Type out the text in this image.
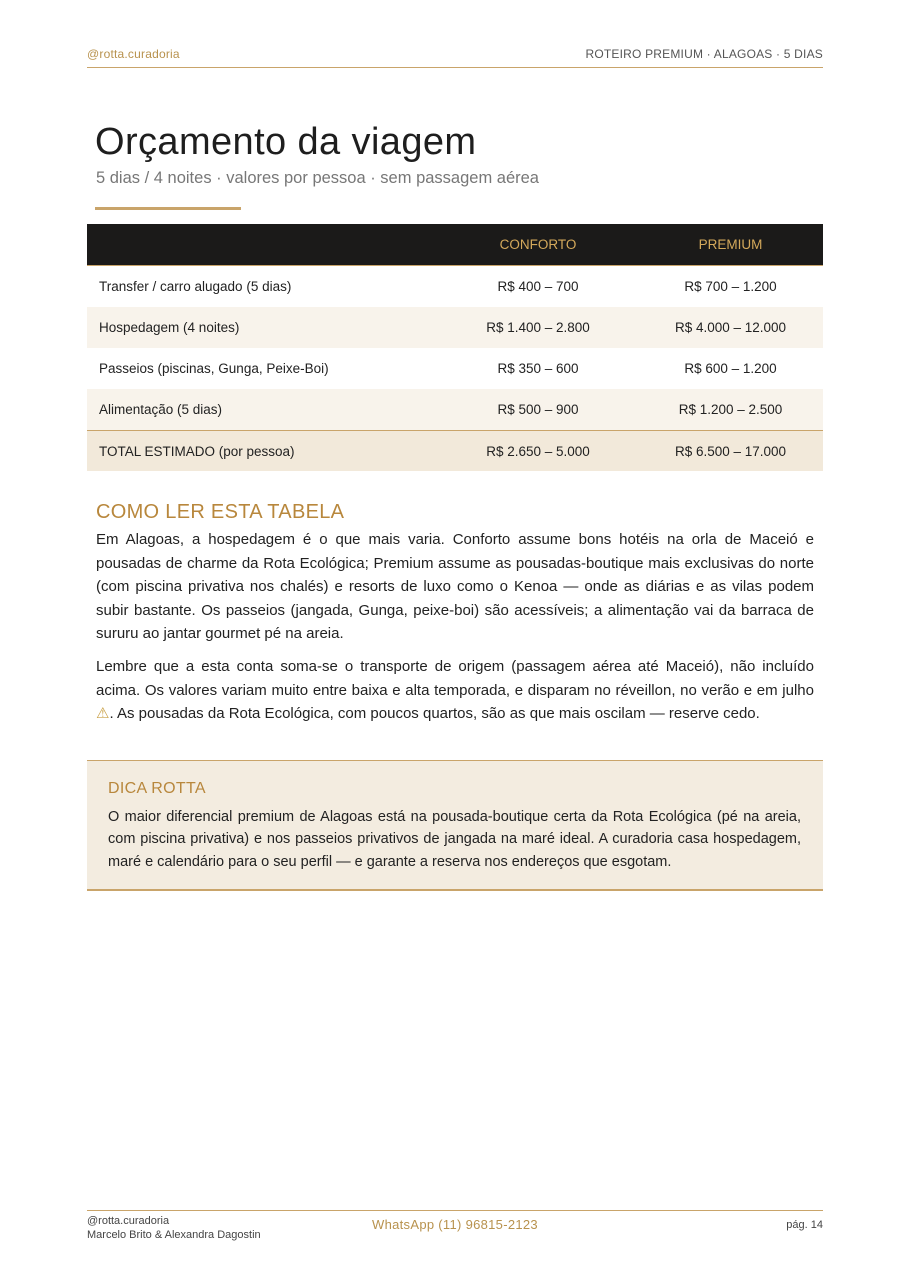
@rotta.curadoria	ROTEIRO PREMIUM · ALAGOAS · 5 DIAS
Orçamento da viagem
5 dias / 4 noites · valores por pessoa · sem passagem aérea
	CONFORTO	PREMIUM
Transfer / carro alugado (5 dias)	R$ 400 – 700	R$ 700 – 1.200
Hospedagem (4 noites)	R$ 1.400 – 2.800	R$ 4.000 – 12.000
Passeios (piscinas, Gunga, Peixe-Boi)	R$ 350 – 600	R$ 600 – 1.200
Alimentação (5 dias)	R$ 500 – 900	R$ 1.200 – 2.500
TOTAL ESTIMADO (por pessoa)	R$ 2.650 – 5.000	R$ 6.500 – 17.000
COMO LER ESTA TABELA

Em Alagoas, a hospedagem é o que mais varia. Conforto assume bons hotéis na orla de Maceió e pousadas de charme da Rota Ecológica; Premium assume as pousadas-boutique mais exclusivas do norte (com piscina privativa nos chalés) e resorts de luxo como o Kenoa — onde as diárias e as vilas podem subir bastante. Os passeios (jangada, Gunga, peixe-boi) são acessíveis; a alimentação vai da barraca de sururu ao jantar gourmet pé na areia.

Lembre que a esta conta soma-se o transporte de origem (passagem aérea até Maceió), não incluído acima. Os valores variam muito entre baixa e alta temporada, e disparam no réveillon, no verão e em julho ⚠. As pousadas da Rota Ecológica, com poucos quartos, são as que mais oscilam — reserve cedo.

DICA ROTTA

O maior diferencial premium de Alagoas está na pousada-boutique certa da Rota Ecológica (pé na areia, com piscina privativa) e nos passeios privativos de jangada na maré ideal. A curadoria casa hospedagem, maré e calendário para o seu perfil — e garante a reserva nos endereços que esgotam.

@rotta.curadoria
Marcelo Brito & Alexandra Dagostin
WhatsApp (11) 96815-2123	pág. 14
